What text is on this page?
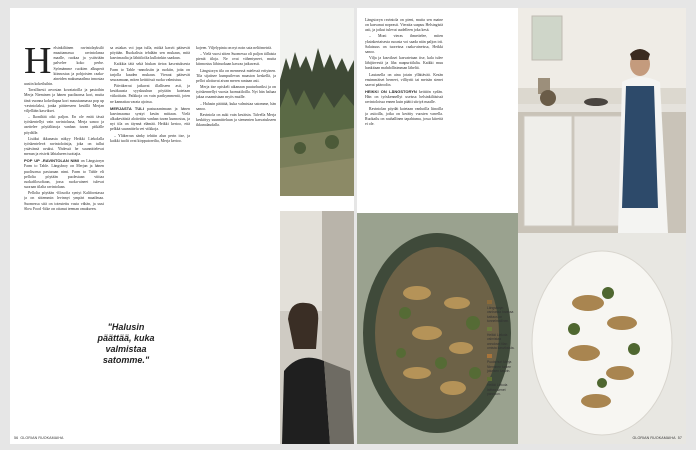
Helsinkiläinen ravintolayksilö muuttamassa ravintolansa maalle, ruokaa ja ystäviään palvelee koko perhe. Syömämme ruokien alkuperä kiinnostaa ja pohjoisten raaka-aineiden makumaailma innostaa uusiin kokeiluihin.

Tavallisesti arvostan kovatatoilla ja pastoihin Merja Nieminen ja hänen puolisonsa kori, mutta tänä vuonna kokeilupaa kori maustaamassa pop up -ravintolaksi, jonka pääteeseen kesällä Merjan viljellään kasvikset.

– Ikoniltää oiki paljon. En ole enää tässä työskentellyt vain ravintolassa, Merja sanoo ja asettelee pöytäliinoja vanhan tuvan pitkälle pöydälle.

Lisäksi ikkunasta näkyy Heikki Liekolalla työskentelevä ravintoloitsija, joka on tullut ystävänsä avuksi. Yhdessä he suunnittelevat menun ja etsivät lähialueen tuottajia.

POP UP -RAVINTOLAN NIMI on Längstoryn Farm to Table. Längsbroy on Merjan ja hänen puolisonsa pasturaan nimi. Farm to Table eli pellolta pöytään puolestaan viittaa ruokafilosofiaan, jossa ruoka-aineet tulevat suoraan tilalta ravintolaan.

Pellolta pöytään -filosofia syntyi Kaliforniassa ja on sittemmin levinnyt ympäri maailmaa. Suomessa sitä on toteutettu vasta vähän, ja uusi Slow Food -liike on ottanut teeman omakseen.

sa asiakas voi jopa tulla, mitkä kasvit pääsevät pöytään. Ruokalista tehdään sen mukaan, mitä kasvimaalta ja lähitiloilta kulloinkin saadaan.

Kaikkia tätä sekä hiukan tietoa kasvatuksesta Farm to Table -annoksiin ja ruokiin, joita on tarjolla kauden mukaan. Vieraat pääsevät seuraamaan, miten keittiössä ruoka valmistuu.

Päiväkerrat jatkuvat illalliseen asti, ja kesäkuusta syyskuuhun pöytään katetaan viikoittain. Paikkoja on vain parikymmentä, joten ne kannattaa varata ajoissa.

MERJASTA TULI pasturaanimaan ja hänen kasvimaansa syntyi kesän mittaan. Vielä alkukeväästä aloitettiin vanhan tuvan kunnostus, ja nyt tila on täynnä elämää. Heikki kertoo, että pelkkä suunnittelu vei viikkoja.

– Yläkerran sänky tehtiin alun perin itse, ja kaikki tuolit ovat kirpputoreilta, Merja kertoo.

"Halusin
päättää, kuka
valmistaa
satomme."

kojeen. Viljelypinta on nyt noin sata neliömetriä.

– Vielä vuosi sitten Suomessa oli paljon tällaisia pieniä tiloja. Ne ovat vähentyneet, mutta kiinnostus lähiruokaan kasvaa jatkuvasti.

Längstoryn tila on mennessä mielessä erityinen. Tila sijaitsee kumpuilevan maaston keskellä, ja pellot ulottuvat aivan meren rantaan asti.

Merja itse opiskeli aikanaan puutarhuriksi ja on työskennellyt vuosia luomutiloilla. Nyt hän haluaa jakaa osaamistaan myös muille.

– Halusin päättää, kuka valmistaa satomme, hän sanoo.

Ravintola on auki vain kesäisin. Talvella Merja keskittyy suunnitteluun ja siementen kasvatukseen ikkunalaudalla.

56 GLORIAN RUOKAMAIHA

Längstoryn ravintola on pieni, mutta sen maine on kasvanut nopeasti. Vieraita saapuu Helsingistä asti, ja jotkut tulevat uudelleen joka kesä.

– Moni vieras ihmettelee, miten yksinkertaisesta ruoasta voi saada näin paljon irti. Salaisuus on tuoreissa raaka-aineissa, Heikki sanoo.

Vilja ja kasvikset kasvatetaan itse, kala tulee lähijärvestä ja liha naapuritilalta. Kaikki muu hankitaan mahdollisimman läheltä.

Lautasella on aina jotain yllättävää. Kesän ensimmäiset herneet, villiyrtit tai metsän sienet saavat pääroolin.

HEIKKI ON LÄNGSTORYN keittiön sydän. Hän on työskennellyt useissa helsinkiläisissä ravintoloissa ennen kuin päätti siirtyä maalle.

Ravintolan pöydät katetaan vanhoilla liinoilla ja astioilla, jotka on kerätty vuosien varrella. Ruokailu on rauhallinen tapahtuma, jossa kiirettä ei ole.

Längstoryn vanhassa tuvassa kattaus on tunnelmallinen.

Heikki Liekola valmistaa annokset tilan omista kasviksista.

Puutarhuri Merja Nieminen tuntee jokaisen kasvin.

Heikki Liekola laittaa sienet pannuun.

GLORIAN RUOKAMAIHA 57
